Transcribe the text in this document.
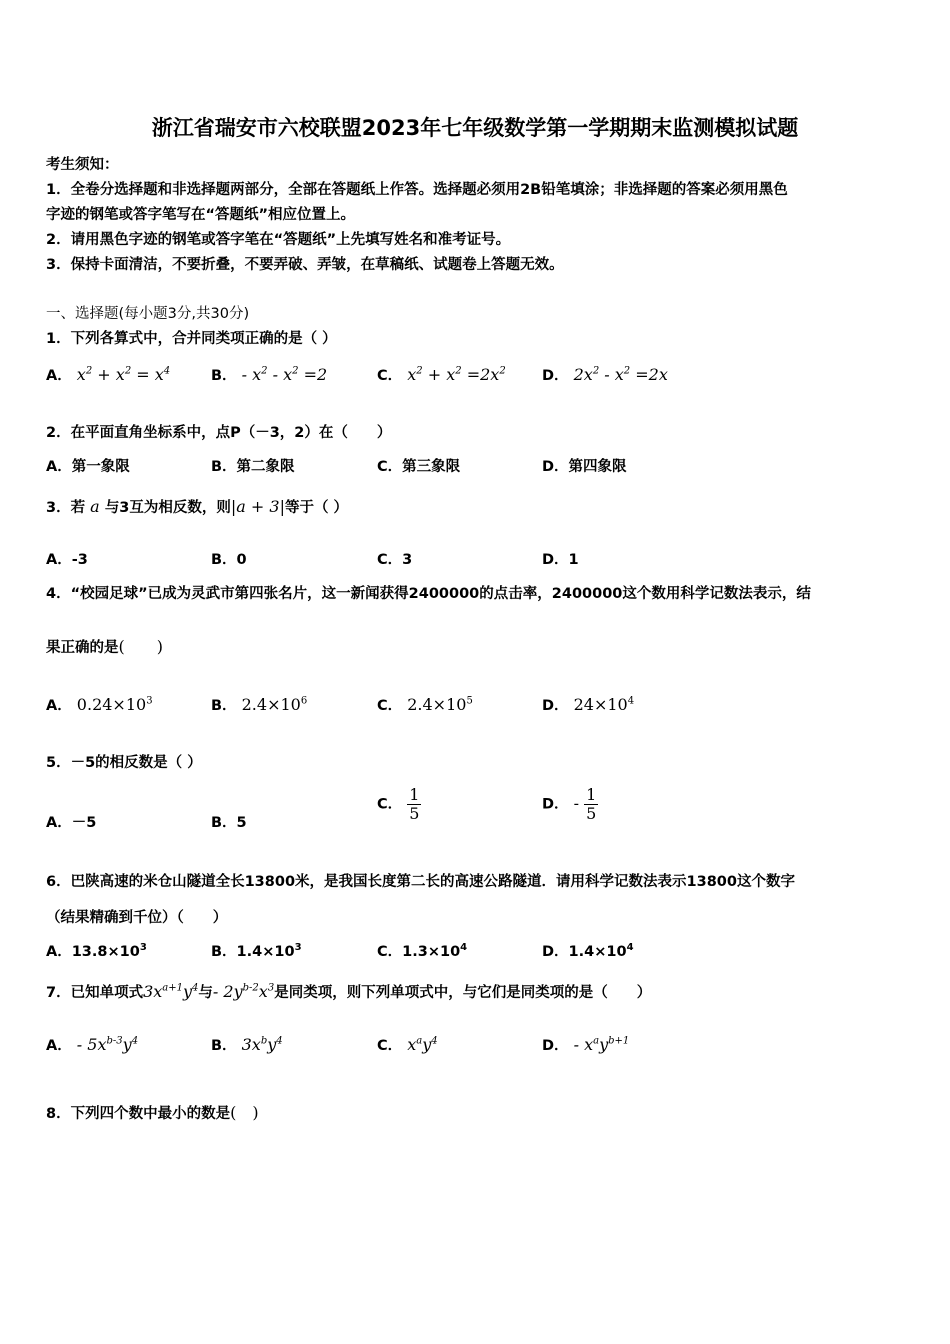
浙江省瑞安市六校联盟2023年七年级数学第一学期期末监测模拟试题
考生须知：
1．全卷分选择题和非选择题两部分，全部在答题纸上作答。选择题必须用2B铅笔填涂；非选择题的答案必须用黑色
字迹的钢笔或答字笔写在“答题纸”相应位置上。
2．请用黑色字迹的钢笔或答字笔在“答题纸”上先填写姓名和准考证号。
3．保持卡面清洁，不要折叠，不要弄破、弄皱，在草稿纸、试题卷上答题无效。
一、选择题(每小题3分,共30分)
1．下列各算式中，合并同类项正确的是（ ）
A． $x^2 + x^2 = x^4$	B． - $x^2 - x^2 =2$	C． $x^2 + x^2 =2x^2$	D． $2x^2 - x^2 =2x$
2．在平面直角坐标系中，点P（－3，2）在（　　）
A．第一象限	B．第二象限	C．第三象限	D．第四象限
3．若 a 与3互为相反数，则|a + 3|等于（ ）
A．-3	B．0	C．3	D．1
4．“校园足球”已成为灵武市第四张名片，这一新闻获得2400000的点击率，2400000这个数用科学记数法表示，结
果正确的是(　　)
A． $0.24\times 10^3$	B． $2.4\times 10^6$	C． $2.4\times 10^5$	D． $24\times 10^4$
5．－5的相反数是（ ）
A．－5	B．5
C． $\frac{1}{5}$	D． - $\frac{1}{5}$
6．巴陕高速的米仓山隧道全长13800米，是我国长度第二长的高速公路隧道．请用科学记数法表示13800这个数字
（结果精确到千位）（　　）
A．$13.8\times 10^3$	B．$1.4\times 10^3$	C．$1.3\times 10^4$	D．$1.4\times 10^4$
7．已知单项式$3x^{a+1}y^4$与- $2y^{b-2}x^3$是同类项，则下列单项式中，与它们是同类项的是（　　）
A． - $5x^{b-3}y^4$	B． $3x^by^4$	C． $x^ay^4$	D． - $x^ay^{b+1}$
8．下列四个数中最小的数是(　)
